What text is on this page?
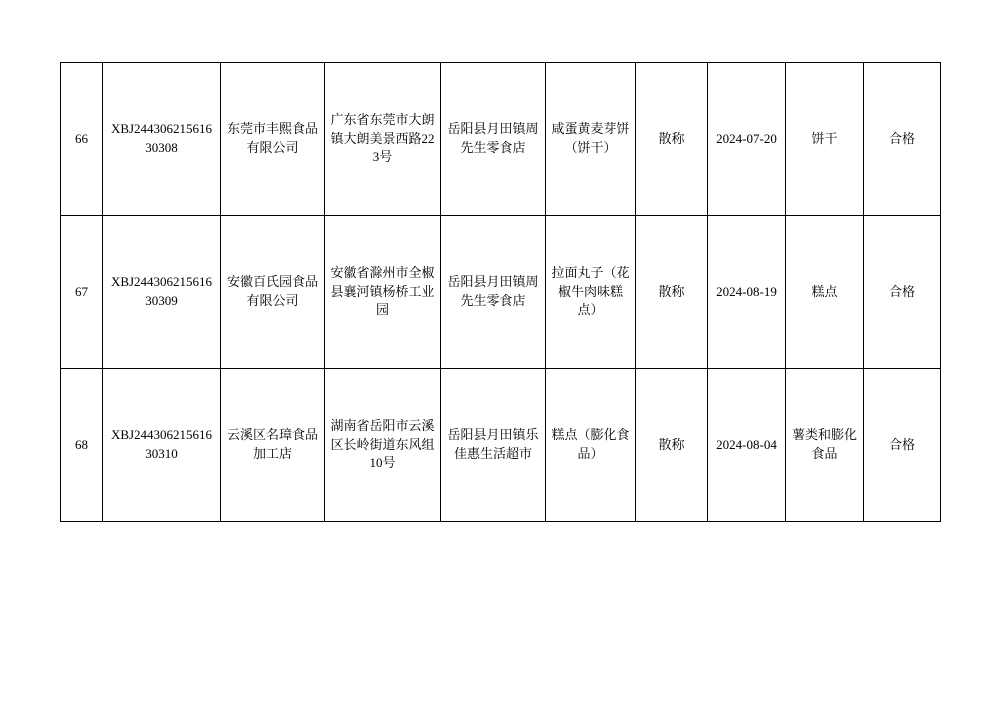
66	XBJ24430621561630308	东莞市丰熙食品有限公司	广东省东莞市大朗镇大朗美景西路223号	岳阳县月田镇周先生零食店	咸蛋黄麦芽饼（饼干）	散称	2024-07-20	饼干	合格
67	XBJ24430621561630309	安徽百氏园食品有限公司	安徽省滁州市全椒县襄河镇杨桥工业园	岳阳县月田镇周先生零食店	拉面丸子（花椒牛肉味糕点）	散称	2024-08-19	糕点	合格
68	XBJ24430621561630310	云溪区名璋食品加工店	湖南省岳阳市云溪区长岭街道东风组10号	岳阳县月田镇乐佳惠生活超市	糕点（膨化食品）	散称	2024-08-04	薯类和膨化食品	合格
